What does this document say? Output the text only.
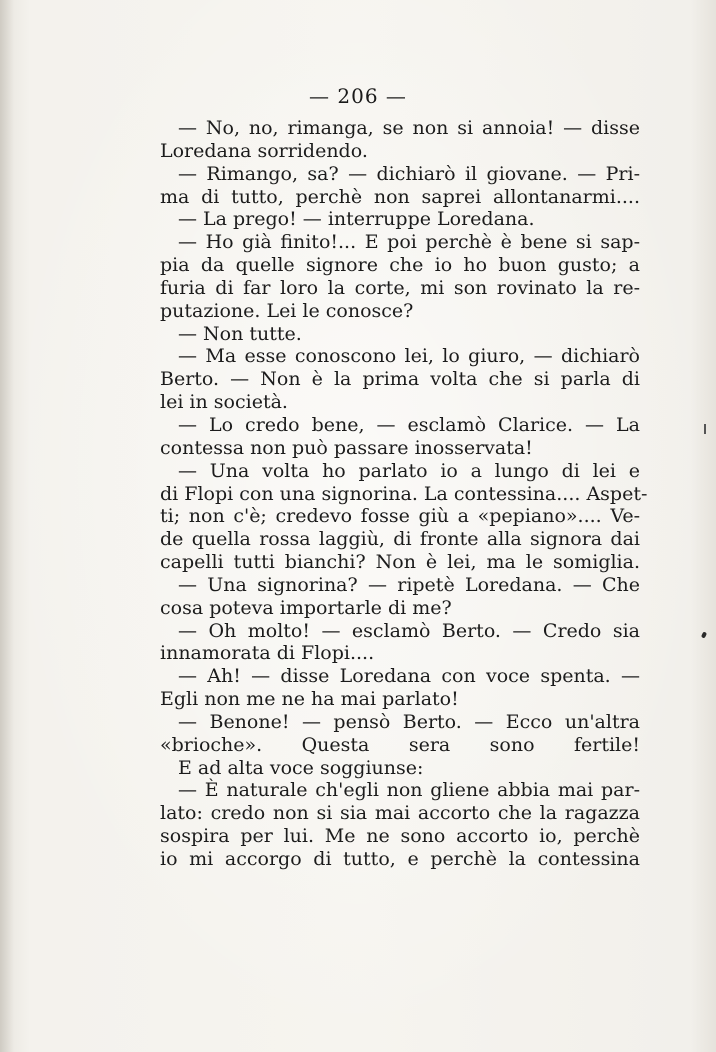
— 206 —
— No, no, rimanga, se non si annoia! — disse
Loredana sorridendo.
— Rimango, sa? — dichiarò il giovane. — Pri-
ma di tutto, perchè non saprei allontanarmi....
— La prego! — interruppe Loredana.
— Ho già finito!... E poi perchè è bene si sap-
pia da quelle signore che io ho buon gusto; a
furia di far loro la corte, mi son rovinato la re-
putazione. Lei le conosce?
— Non tutte.
— Ma esse conoscono lei, lo giuro, — dichiarò
Berto. — Non è la prima volta che si parla di
lei in società.
— Lo credo bene, — esclamò Clarice. — La
contessa non può passare inosservata!
— Una volta ho parlato io a lungo di lei e
di Flopi con una signorina. La contessina.... Aspet-
ti; non c'è; credevo fosse giù a «pepiano».... Ve-
de quella rossa laggiù, di fronte alla signora dai
capelli tutti bianchi? Non è lei, ma le somiglia.
— Una signorina? — ripetè Loredana. — Che
cosa poteva importarle di me?
— Oh molto! — esclamò Berto. — Credo sia
innamorata di Flopi....
— Ah! — disse Loredana con voce spenta. —
Egli non me ne ha mai parlato!
— Benone! — pensò Berto. — Ecco un'altra
«brioche». Questa sera sono fertile!
E ad alta voce soggiunse:
— È naturale ch'egli non gliene abbia mai par-
lato: credo non si sia mai accorto che la ragazza
sospira per lui. Me ne sono accorto io, perchè
io mi accorgo di tutto, e perchè la contessina
